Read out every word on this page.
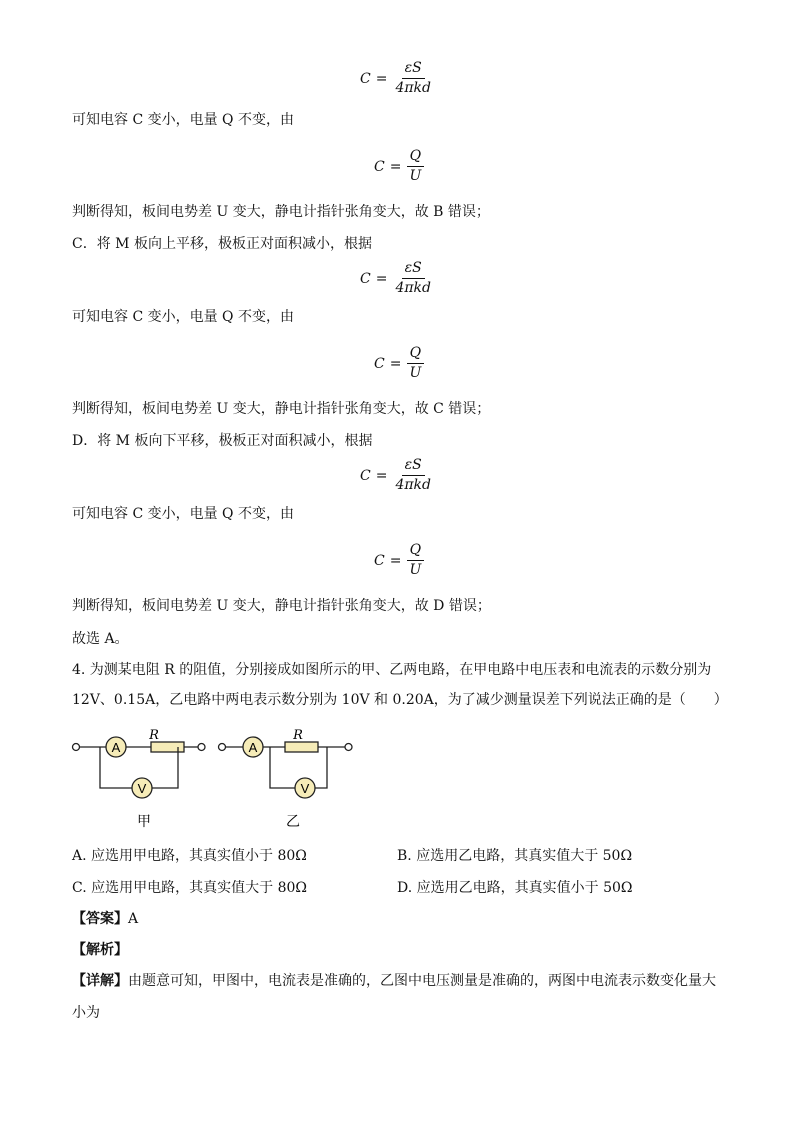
$C = \frac{\varepsilon S}{\text{4πkd}}$
可知电容 C 变小，电量 Q 不变，由
$C = \frac{Q}{U}$
判断得知，板间电势差 U 变大，静电计指针张角变大，故 B 错误；
C．将 M 板向上平移，极板正对面积减小，根据
$C = \frac{\varepsilon S}{\text{4πkd}}$
可知电容 C 变小，电量 Q 不变，由
$C = \frac{Q}{U}$
判断得知，板间电势差 U 变大，静电计指针张角变大，故 C 错误；
D．将 M 板向下平移，极板正对面积减小，根据
$C = \frac{\varepsilon S}{\text{4πkd}}$
可知电容 C 变小，电量 Q 不变，由
$C = \frac{Q}{U}$
判断得知，板间电势差 U 变大，静电计指针张角变大，故 D 错误；
故选 A。
4. 为测某电阻 R 的阻值，分别接成如图所示的甲、乙两电路，在甲电路中电压表和电流表的示数分别为
12V、0.15A，乙电路中两电表示数分别为 10V 和 0.20A，为了减少测量误差下列说法正确的是（　　）
A
V
R
甲
A
V
R
乙
A. 应选用甲电路，其真实值小于 80Ω	B. 应选用乙电路，其真实值大于 50Ω
C. 应选用甲电路，其真实值大于 80Ω	D. 应选用乙电路，其真实值小于 50Ω
【答案】A
【解析】
【详解】由题意可知，甲图中，电流表是准确的，乙图中电压测量是准确的，两图中电流表示数变化量大
小为
